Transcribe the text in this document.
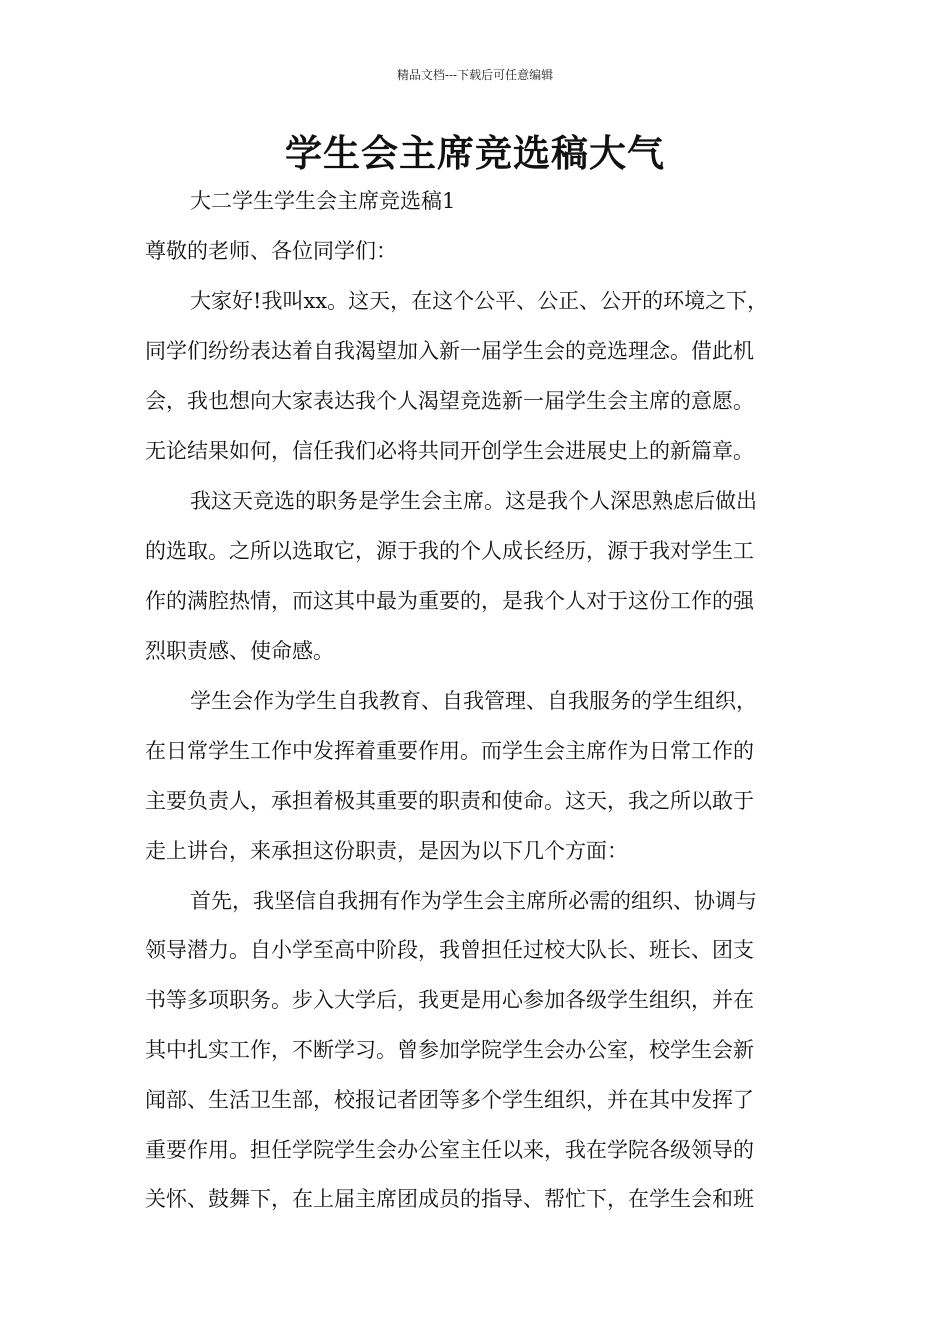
精品文档---下载后可任意编辑
学生会主席竞选稿大气
大二学生学生会主席竞选稿1
尊敬的老师、各位同学们：
大家好!我叫xx。这天，在这个公平、公正、公开的环境之下，
同学们纷纷表达着自我渴望加入新一届学生会的竞选理念。借此机
会，我也想向大家表达我个人渴望竞选新一届学生会主席的意愿。
无论结果如何，信任我们必将共同开创学生会进展史上的新篇章。
我这天竞选的职务是学生会主席。这是我个人深思熟虑后做出
的选取。之所以选取它，源于我的个人成长经历，源于我对学生工
作的满腔热情，而这其中最为重要的，是我个人对于这份工作的强
烈职责感、使命感。
学生会作为学生自我教育、自我管理、自我服务的学生组织，
在日常学生工作中发挥着重要作用。而学生会主席作为日常工作的
主要负责人，承担着极其重要的职责和使命。这天，我之所以敢于
走上讲台，来承担这份职责，是因为以下几个方面：
首先，我坚信自我拥有作为学生会主席所必需的组织、协调与
领导潜力。自小学至高中阶段，我曾担任过校大队长、班长、团支
书等多项职务。步入大学后，我更是用心参加各级学生组织，并在
其中扎实工作，不断学习。曾参加学院学生会办公室，校学生会新
闻部、生活卫生部，校报记者团等多个学生组织，并在其中发挥了
重要作用。担任学院学生会办公室主任以来，我在学院各级领导的
关怀、鼓舞下，在上届主席团成员的指导、帮忙下，在学生会和班
